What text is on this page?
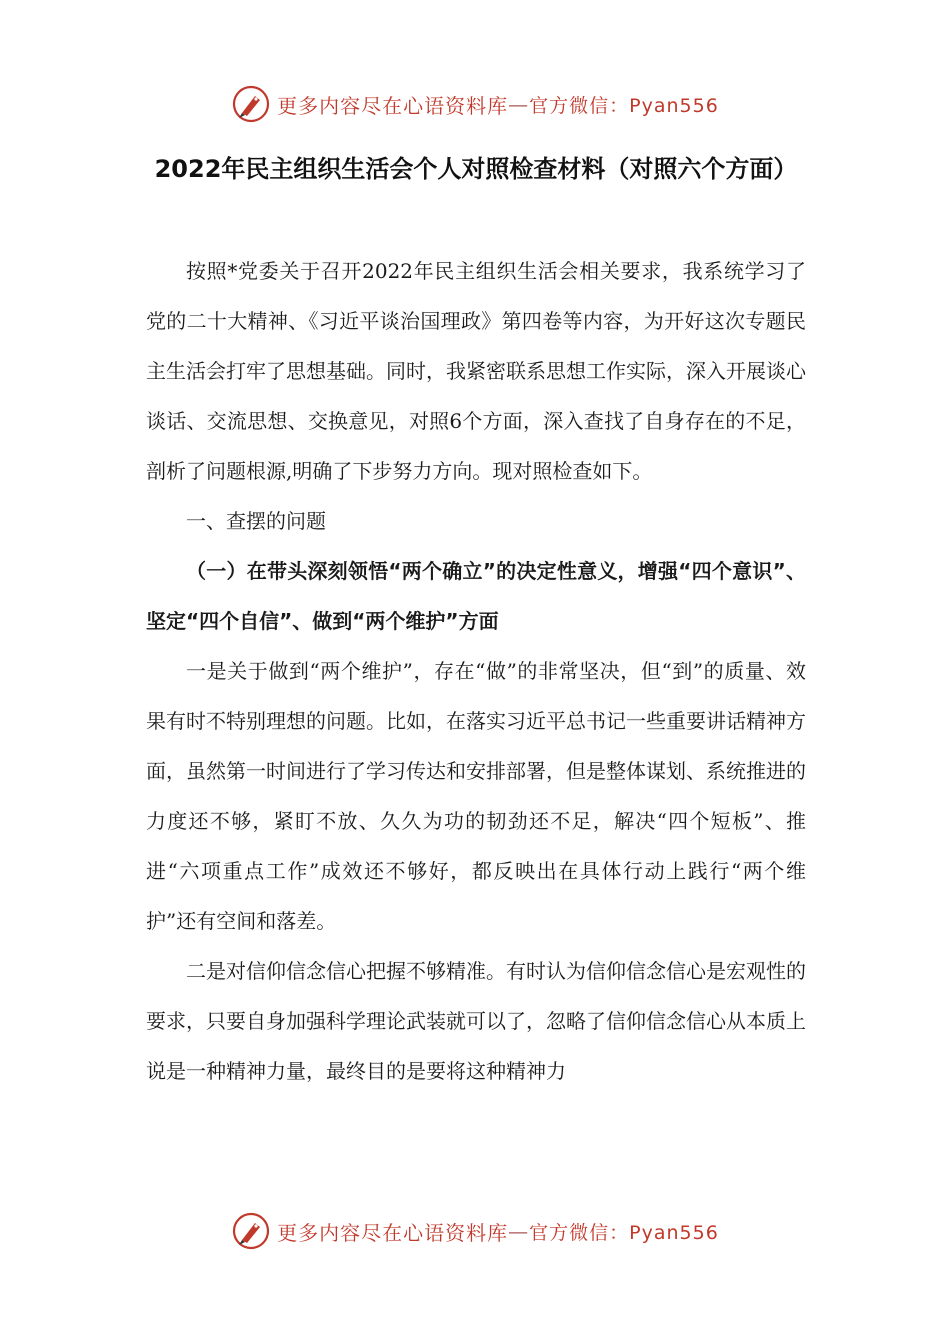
更多内容尽在心语资料库 — 官方微信：Pyan556
2022年民主组织生活会个人对照检查材料（对照六个方面）

按照*党委关于召开2022年民主组织生活会相关要求，我系统学习了党的二十大精神、《习近平谈治国理政》第四卷等内容，为开好这次专题民主生活会打牢了思想基础。同时，我紧密联系思想工作实际，深入开展谈心谈话、交流思想、交换意见，对照6个方面，深入查找了自身存在的不足，剖析了问题根源,明确了下步努力方向。现对照检查如下。

一、查摆的问题

（一）在带头深刻领悟“两个确立”的决定性意义，增强“四个意识”、坚定“四个自信”、做到“两个维护”方面

一是关于做到“两个维护”，存在“做”的非常坚决，但“到”的质量、效果有时不特别理想的问题。比如，在落实习近平总书记一些重要讲话精神方面，虽然第一时间进行了学习传达和安排部署，但是整体谋划、系统推进的力度还不够，紧盯不放、久久为功的韧劲还不足，解决“四个短板”、推进“六项重点工作”成效还不够好，都反映出在具体行动上践行“两个维护”还有空间和落差。

二是对信仰信念信心把握不够精准。有时认为信仰信念信心是宏观性的要求，只要自身加强科学理论武装就可以了，忽略了信仰信念信心从本质上说是一种精神力量，最终目的是要将这种精神力

更多内容尽在心语资料库 — 官方微信：Pyan556
